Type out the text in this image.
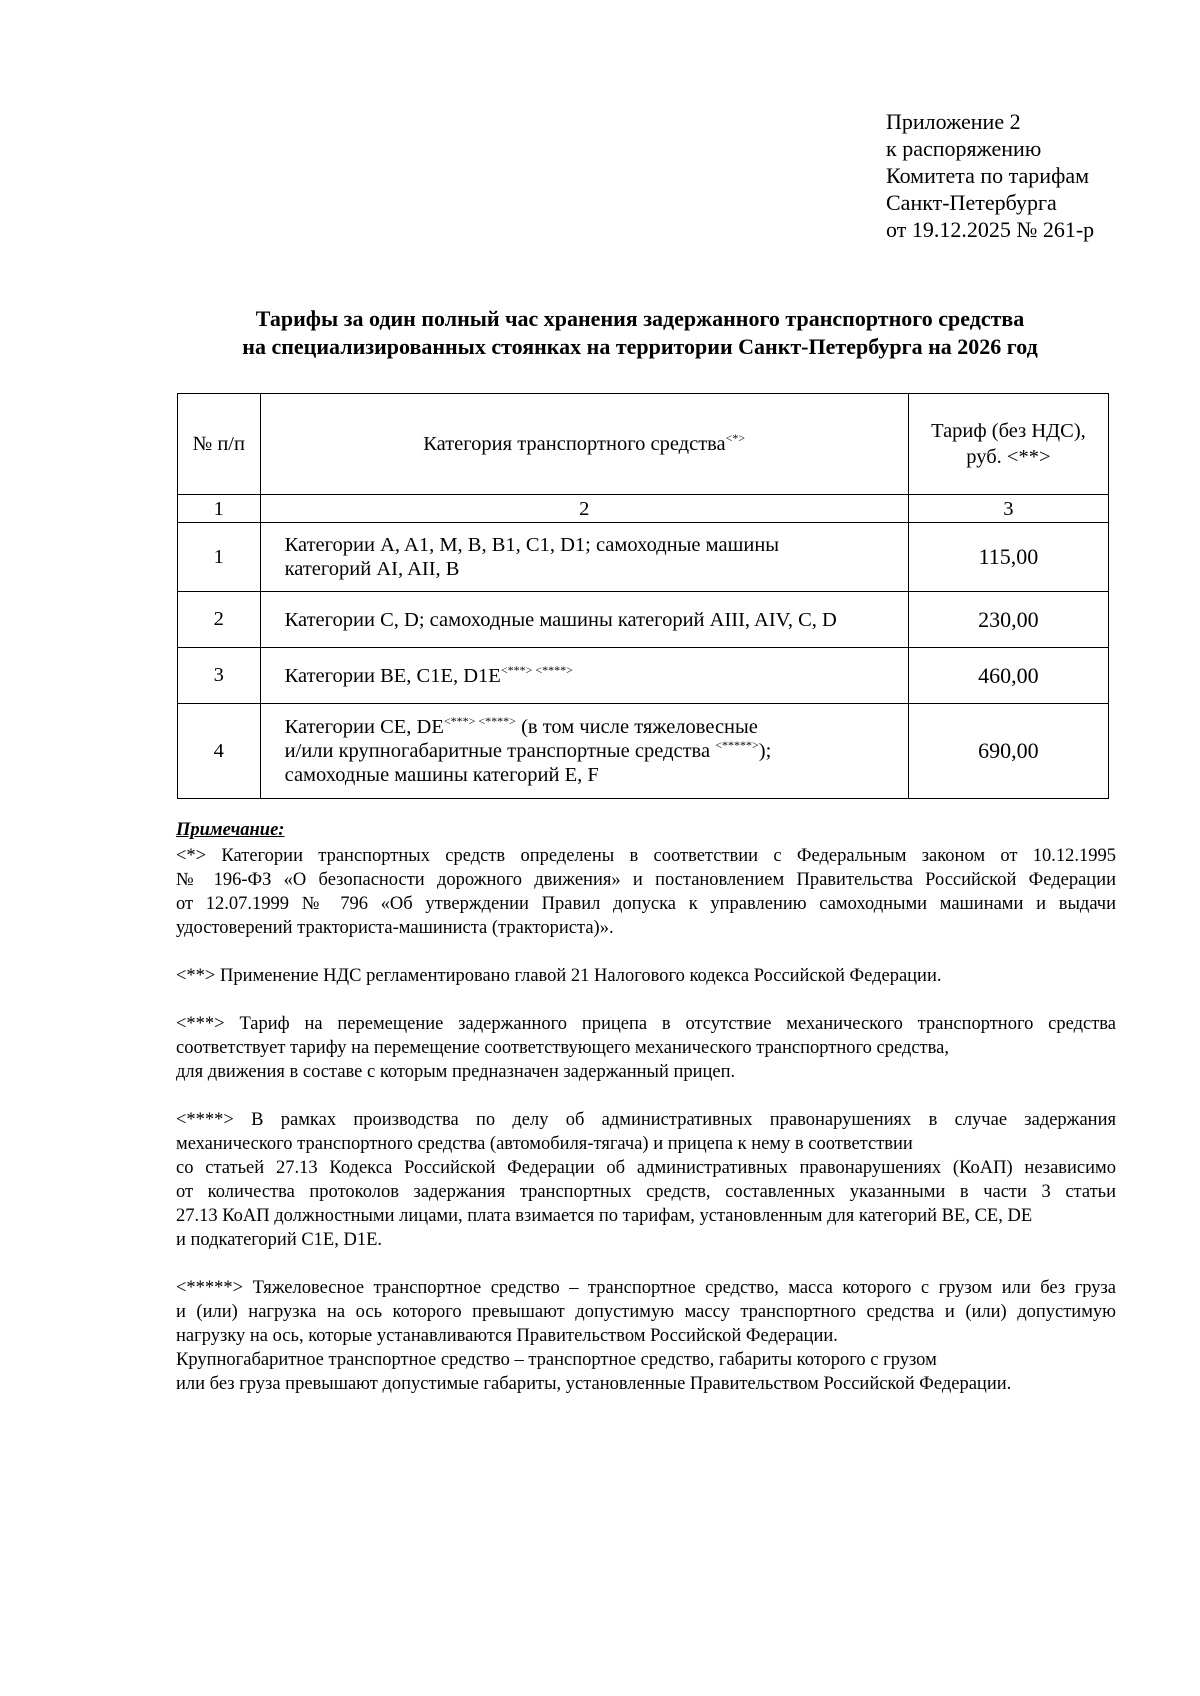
Приложение 2
к распоряжению
Комитета по тарифам
Санкт-Петербурга
от 19.12.2025 № 261-р
Тарифы за один полный час хранения задержанного транспортного средства
на специализированных стоянках на территории Санкт-Петербурга на 2026 год
№ п/п	Категория транспортного средства<*>	Тариф (без НДС),
руб. <**>

1	2	3
1	Категории A, A1, M, B, B1, C1, D1; самоходные машины
категорий AI, AII, B	115,00
2	Категории C, D; самоходные машины категорий AIII, AIV, C, D	230,00
3	Категории BE, C1E, D1E<***> <****>	460,00
4	Категории CE, DE<***> <****> (в том числе тяжеловесные
и/или крупногабаритные транспортные средства <*****>);
самоходные машины категорий E, F	690,00
Примечание:

<*> Категории транспортных средств определены в соответствии с Федеральным законом от 10.12.1995
№ 196-ФЗ «О безопасности дорожного движения» и постановлением Правительства Российской Федерации
от 12.07.1999 № 796 «Об утверждении Правил допуска к управлению самоходными машинами и выдачи
удостоверений тракториста-машиниста (тракториста)».

<**> Применение НДС регламентировано главой 21 Налогового кодекса Российской Федерации.

<***> Тариф на перемещение задержанного прицепа в отсутствие механического транспортного средства
соответствует тарифу на перемещение соответствующего механического транспортного средства,
для движения в составе с которым предназначен задержанный прицеп.

<****> В рамках производства по делу об административных правонарушениях в случае задержания
механического транспортного средства (автомобиля-тягача) и прицепа к нему в соответствии
со статьей 27.13 Кодекса Российской Федерации об административных правонарушениях (КоАП) независимо
от количества протоколов задержания транспортных средств, составленных указанными в части 3 статьи
27.13 КоАП должностными лицами, плата взимается по тарифам, установленным для категорий BE, CE, DE
и подкатегорий C1E, D1E.

<*****> Тяжеловесное транспортное средство – транспортное средство, масса которого с грузом или без груза
и (или) нагрузка на ось которого превышают допустимую массу транспортного средства и (или) допустимую
нагрузку на ось, которые устанавливаются Правительством Российской Федерации.
Крупногабаритное транспортное средство – транспортное средство, габариты которого с грузом
или без груза превышают допустимые габариты, установленные Правительством Российской Федерации.
